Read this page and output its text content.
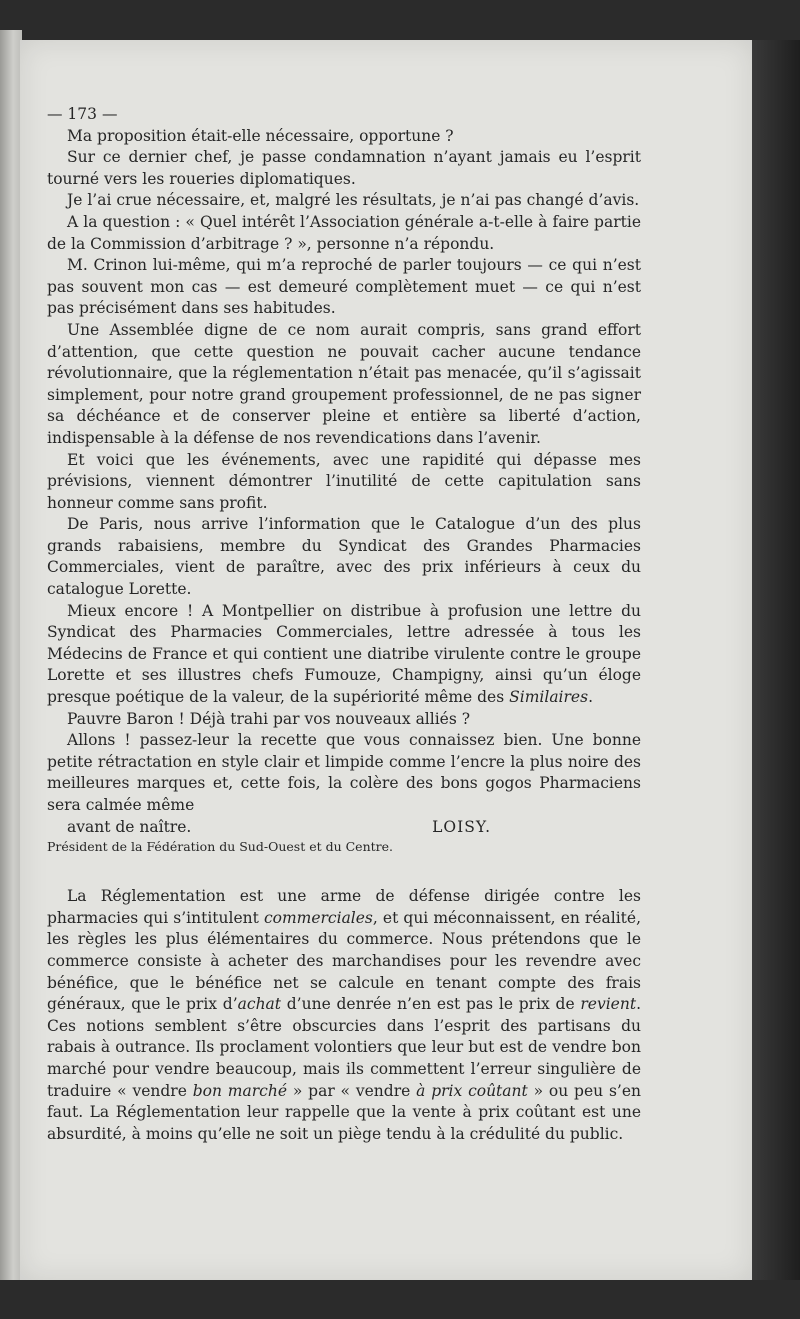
— 173 —

Ma proposition était-elle nécessaire, opportune ?

Sur ce dernier chef, je passe condamnation n’ayant jamais eu l’esprit tourné vers les roueries diplomatiques.

Je l’ai crue nécessaire, et, malgré les résultats, je n’ai pas changé d’avis.

A la question : « Quel intérêt l’Association générale a-t-elle à faire partie de la Commission d’arbitrage ? », personne n’a répondu.

M. Crinon lui-même, qui m’a reproché de parler toujours — ce qui n’est pas souvent mon cas — est demeuré complètement muet — ce qui n’est pas précisément dans ses habitudes.

Une Assemblée digne de ce nom aurait compris, sans grand effort d’attention, que cette question ne pouvait cacher aucune tendance révolutionnaire, que la réglementation n’était pas menacée, qu’il s’agissait simplement, pour notre grand groupement professionnel, de ne pas signer sa déchéance et de conserver pleine et entière sa liberté d’action, indispensable à la défense de nos revendications dans l’avenir.

Et voici que les événements, avec une rapidité qui dépasse mes prévisions, viennent démontrer l’inutilité de cette capitulation sans honneur comme sans profit.

De Paris, nous arrive l’information que le Catalogue d’un des plus grands rabaisiens, membre du Syndicat des Grandes Pharmacies Commerciales, vient de paraître, avec des prix inférieurs à ceux du catalogue Lorette.

Mieux encore ! A Montpellier on distribue à profusion une lettre du Syndicat des Pharmacies Commerciales, lettre adressée à tous les Médecins de France et qui contient une diatribe virulente contre le groupe Lorette et ses illustres chefs Fumouze, Champigny, ainsi qu’un éloge presque poétique de la valeur, de la supériorité même des Similaires.

Pauvre Baron ! Déjà trahi par vos nouveaux alliés ?

Allons ! passez-leur la recette que vous connaissez bien. Une bonne petite rétractation en style clair et limpide comme l’encre la plus noire des meilleures marques et, cette fois, la colère des bons gogos Pharmaciens sera calmée même

avant de naître.	LOISY.

Président de la Fédération du Sud-Ouest et du Centre.

La Réglementation est une arme de défense dirigée contre les pharmacies qui s’intitulent commerciales, et qui méconnaissent, en réalité, les règles les plus élémentaires du commerce. Nous prétendons que le commerce consiste à acheter des marchandises pour les revendre avec bénéfice, que le bénéfice net se calcule en tenant compte des frais généraux, que le prix d’achat d’une denrée n’en est pas le prix de revient. Ces notions semblent s’être obscurcies dans l’esprit des partisans du rabais à outrance. Ils proclament volontiers que leur but est de vendre bon marché pour vendre beaucoup, mais ils commettent l’erreur singulière de traduire « vendre bon marché » par « vendre à prix coûtant » ou peu s’en faut. La Réglementation leur rappelle que la vente à prix coûtant est une absurdité, à moins qu’elle ne soit un piège tendu à la crédulité du public.
